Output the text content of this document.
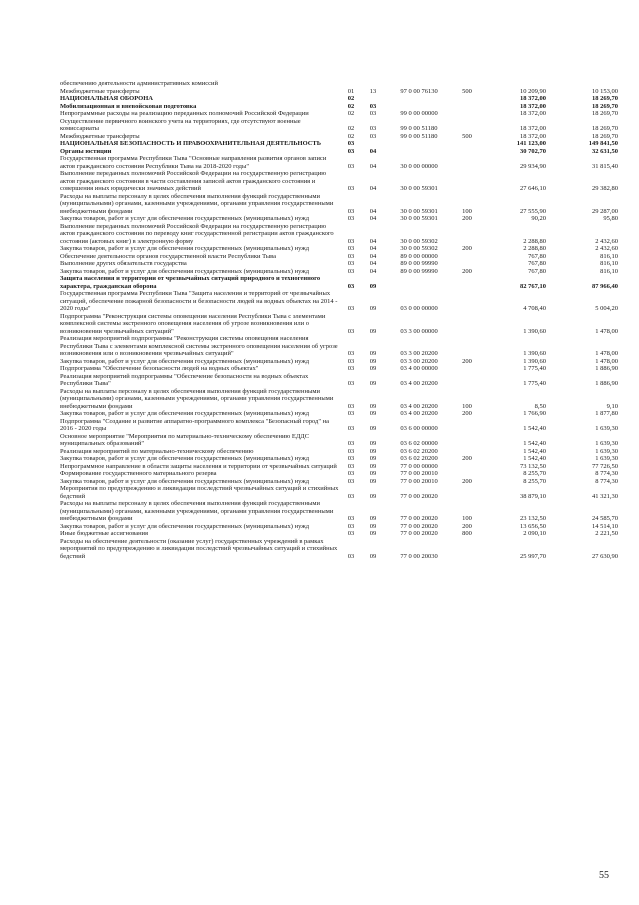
обеспечению деятельности административных комиссий						
Межбюджетные трансферты	01	13	97 0 00 76130	500	10 209,90	10 153,00
НАЦИОНАЛЬНАЯ ОБОРОНА	02				18 372,00	18 269,70
Мобилизационная и вневойсковая подготовка	02	03			18 372,00	18 269,70
Непрограммные расходы на реализацию переданных полномочий Российской Федерации	02	03	99 0 00 00000		18 372,00	18 269,70
Осуществление первичного воинского учета на территориях, где отсутствуют военные комиссариаты	02	03	99 0 00 51180		18 372,00	18 269,70
Межбюджетные трансферты	02	03	99 0 00 51180	500	18 372,00	18 269,70
НАЦИОНАЛЬНАЯ БЕЗОПАСНОСТЬ И ПРАВООХРАНИТЕЛЬНАЯ ДЕЯТЕЛЬНОСТЬ	03				141 123,00	149 841,50
Органы юстиции	03	04			30 702,70	32 631,50
Государственная программа Республики Тыва "Основные направления развития органов записи актов гражданского состояния Республики Тыва на 2018-2020 годы"	03	04	30 0 00 00000		29 934,90	31 815,40
Выполнение переданных полномочий Российской Федерации на государственную регистрацию актов гражданского состояния в части составления записей актов гражданского состояния и совершения иных юридически значимых действий	03	04	30 0 00 59301		27 646,10	29 382,80
Расходы на выплаты персоналу в целях обеспечения выполнения функций государственными (муниципальными) органами, казенными учреждениями, органами управления государственными внебюджетными фондами	03	04	30 0 00 59301	100	27 555,90	29 287,00
Закупка товаров, работ и услуг для обеспечения государственных (муниципальных) нужд	03	04	30 0 00 59301	200	90,20	95,80
Выполнение переданных полномочий Российской Федерации на государственную регистрацию актов гражданского состояния по переводу книг государственной регистрации актов гражданского состояния (актовых книг) в электронную форму	03	04	30 0 00 59302		2 288,80	2 432,60
Закупка товаров, работ и услуг для обеспечения государственных (муниципальных) нужд	03	04	30 0 00 59302	200	2 288,80	2 432,60
Обеспечение деятельности органов государственной власти Республики Тыва	03	04	89 0 00 00000		767,80	816,10
Выполнение других обязательств государства	03	04	89 0 00 99990		767,80	816,10
Закупка товаров, работ и услуг для обеспечения государственных (муниципальных) нужд	03	04	89 0 00 99990	200	767,80	816,10
Защита населения и территории от чрезвычайных ситуаций природного и техногенного характера, гражданская оборона	03	09			82 767,10	87 966,40
Государственная программа Республики Тыва "Защита населения и территорий от чрезвычайных ситуаций, обеспечение пожарной безопасности и безопасности людей на водных объектах на 2014 - 2020 годы"	03	09	03 0 00 00000		4 708,40	5 004,20
Подпрограмма "Реконструкция системы оповещения населения Республики Тыва с элементами комплексной системы экстренного оповещения населения об угрозе возникновения или о возникновении чрезвычайных ситуаций"	03	09	03 3 00 00000		1 390,60	1 478,00
Реализация мероприятий подпрограммы "Реконструкция системы оповещения населения Республики Тыва с элементами комплексной системы экстренного оповещения населения об угрозе возникновения или о возникновении чрезвычайных ситуаций"	03	09	03 3 00 20200		1 390,60	1 478,00
Закупка товаров, работ и услуг для обеспечения государственных (муниципальных) нужд	03	09	03 3 00 20200	200	1 390,60	1 478,00
Подпрограмма "Обеспечение безопасности людей на водных объектах"	03	09	03 4 00 00000		1 775,40	1 886,90
Реализация мероприятий подпрограммы "Обеспечение безопасности на водных объектах Республики Тыва"	03	09	03 4 00 20200		1 775,40	1 886,90
Расходы на выплаты персоналу в целях обеспечения выполнения функций государственными (муниципальными) органами, казенными учреждениями, органами управления государственными внебюджетными фондами	03	09	03 4 00 20200	100	8,50	9,10
Закупка товаров, работ и услуг для обеспечения государственных (муниципальных) нужд	03	09	03 4 00 20200	200	1 766,90	1 877,80
Подпрограмма "Создание и развитие аппаратно-программного комплекса "Безопасный город" на 2016 - 2020 годы	03	09	03 6 00 00000		1 542,40	1 639,30
Основное мероприятие "Мероприятия по материально-техническому обеспечению ЕДДС муниципальных образований"	03	09	03 6 02 00000		1 542,40	1 639,30
Реализация мероприятий по материально-техническому обеспечению	03	09	03 6 02 20200		1 542,40	1 639,30
Закупка товаров, работ и услуг для обеспечения государственных (муниципальных) нужд	03	09	03 6 02 20200	200	1 542,40	1 639,30
Непрограммное направление в области защиты населения и территории от чрезвычайных ситуаций	03	09	77 0 00 00000		73 132,50	77 726,50
Формирование государственного материального резерва	03	09	77 0 00 20010		8 255,70	8 774,30
Закупка товаров, работ и услуг для обеспечения государственных (муниципальных) нужд	03	09	77 0 00 20010	200	8 255,70	8 774,30
Мероприятия по предупреждению и ликвидации последствий чрезвычайных ситуаций и стихийных бедствий	03	09	77 0 00 20020		38 879,10	41 321,30
Расходы на выплаты персоналу в целях обеспечения выполнения функций государственными (муниципальными) органами, казенными учреждениями, органами управления государственными внебюджетными фондами	03	09	77 0 00 20020	100	23 132,50	24 585,70
Закупка товаров, работ и услуг для обеспечения государственных (муниципальных) нужд	03	09	77 0 00 20020	200	13 656,50	14 514,10
Иные бюджетные ассигнования	03	09	77 0 00 20020	800	2 090,10	2 221,50
Расходы на обеспечение деятельности (оказание услуг) государственных учреждений в рамках мероприятий по предупреждению и ликвидации последствий чрезвычайных ситуаций и стихийных бедствий	03	09	77 0 00 20030		25 997,70	27 630,90
55
